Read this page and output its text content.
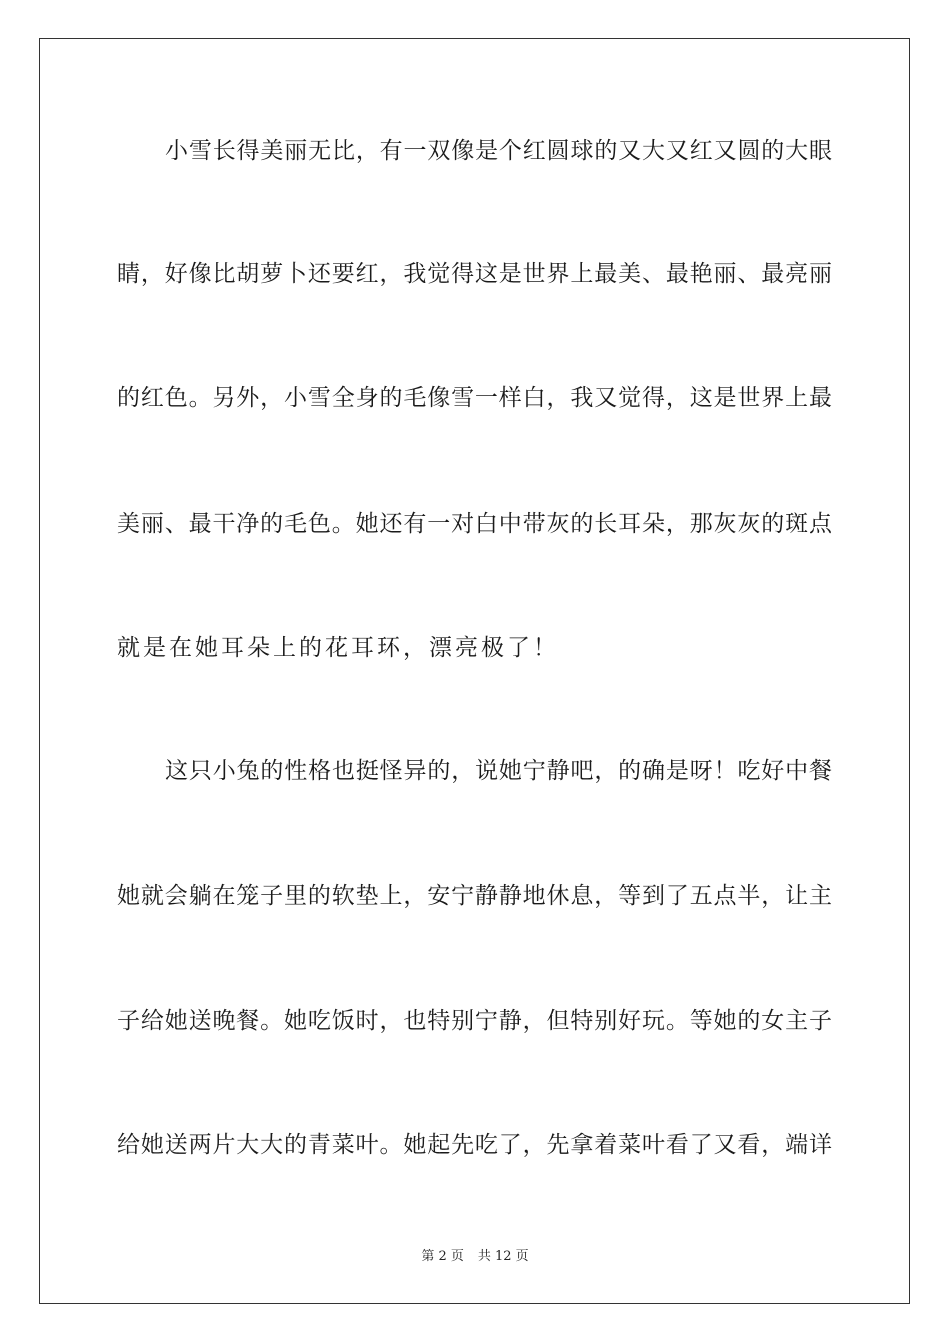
小雪长得美丽无比，有一双像是个红圆球的又大又红又圆的大眼
睛，好像比胡萝卜还要红，我觉得这是世界上最美、最艳丽、最亮丽
的红色。另外，小雪全身的毛像雪一样白，我又觉得，这是世界上最
美丽、最干净的毛色。她还有一对白中带灰的长耳朵，那灰灰的斑点
就是在她耳朵上的花耳环，漂亮极了！
这只小兔的性格也挺怪异的，说她宁静吧，的确是呀！吃好中餐
她就会躺在笼子里的软垫上，安宁静静地休息，等到了五点半，让主
子给她送晚餐。她吃饭时，也特别宁静，但特别好玩。等她的女主子
给她送两片大大的青菜叶。她起先吃了，先拿着菜叶看了又看，端详
第 2 页 共 12 页
